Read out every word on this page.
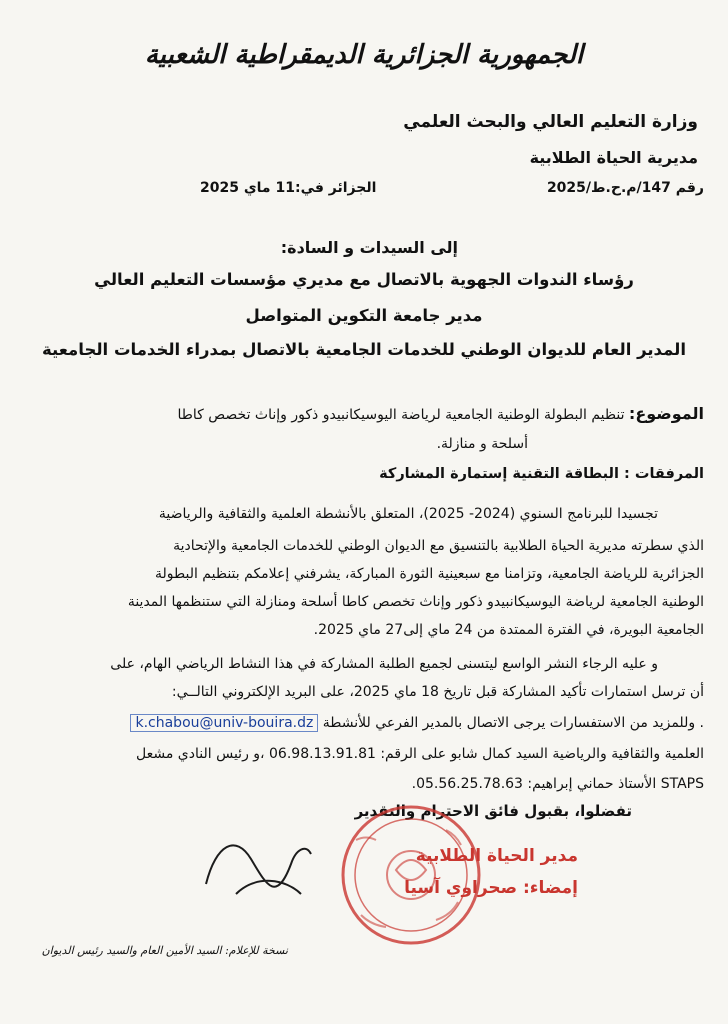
الجمهورية الجزائرية الديمقراطية الشعبية
وزارة التعليم العالي والبحث العلمي
مديرية الحياة الطلابية
رقم 147/م.ح.ط/2025
الجزائر في:11 ماي 2025
إلى السيدات و السادة:
رؤساء الندوات الجهوية بالاتصال مع مديري مؤسسات التعليم العالي
مدير جامعة التكوين المتواصل
المدير العام للديوان الوطني للخدمات الجامعية بالاتصال بمدراء الخدمات الجامعية
الموضوع: تنظيم البطولة الوطنية الجامعية لرياضة اليوسيكانبيدو ذكور وإناث تخصص كاطا
أسلحة و منازلة.
المرفقات : البطاقة التقنية إستمارة المشاركة
تجسيدا للبرنامج السنوي (2024- 2025)، المتعلق بالأنشطة العلمية والثقافية والرياضية
الذي سطرته مديرية الحياة الطلابية بالتنسيق مع الديوان الوطني للخدمات الجامعية والإتحادية
الجزائرية للرياضة الجامعية، وتزامنا مع سبعينية الثورة المباركة، يشرفني إعلامكم بتنظيم البطولة
الوطنية الجامعية لرياضة اليوسيكانبيدو ذكور وإناث تخصص كاطا أسلحة ومنازلة التي ستنظمها المدينة
الجامعية البويرة، في الفترة الممتدة من 24 ماي إلى27 ماي 2025.
و عليه الرجاء النشر الواسع ليتسنى لجميع الطلبة المشاركة في هذا النشاط الرياضي الهام، على
أن ترسل استمارات تأكيد المشاركة قبل تاريخ 18 ماي 2025، على البريد الإلكتروني التالــي:
. وللمزيد من الاستفسارات يرجى الاتصال بالمدير الفرعي للأنشطة k.chabou@univ-bouira.dz
العلمية والثقافية والرياضية السيد كمال شابو على الرقم: 06.98.13.91.81 ،و رئيس النادي مشعل
STAPS الأستاذ حماني إبراهيم: 05.56.25.78.63.
تفضلوا، بقبول فائق الاحترام والتقدير
مدير الحياة الطلابية
إمضاء: صحراوي آسيا
نسخة للإعلام: السيد الأمين العام والسيد رئيس الديوان
